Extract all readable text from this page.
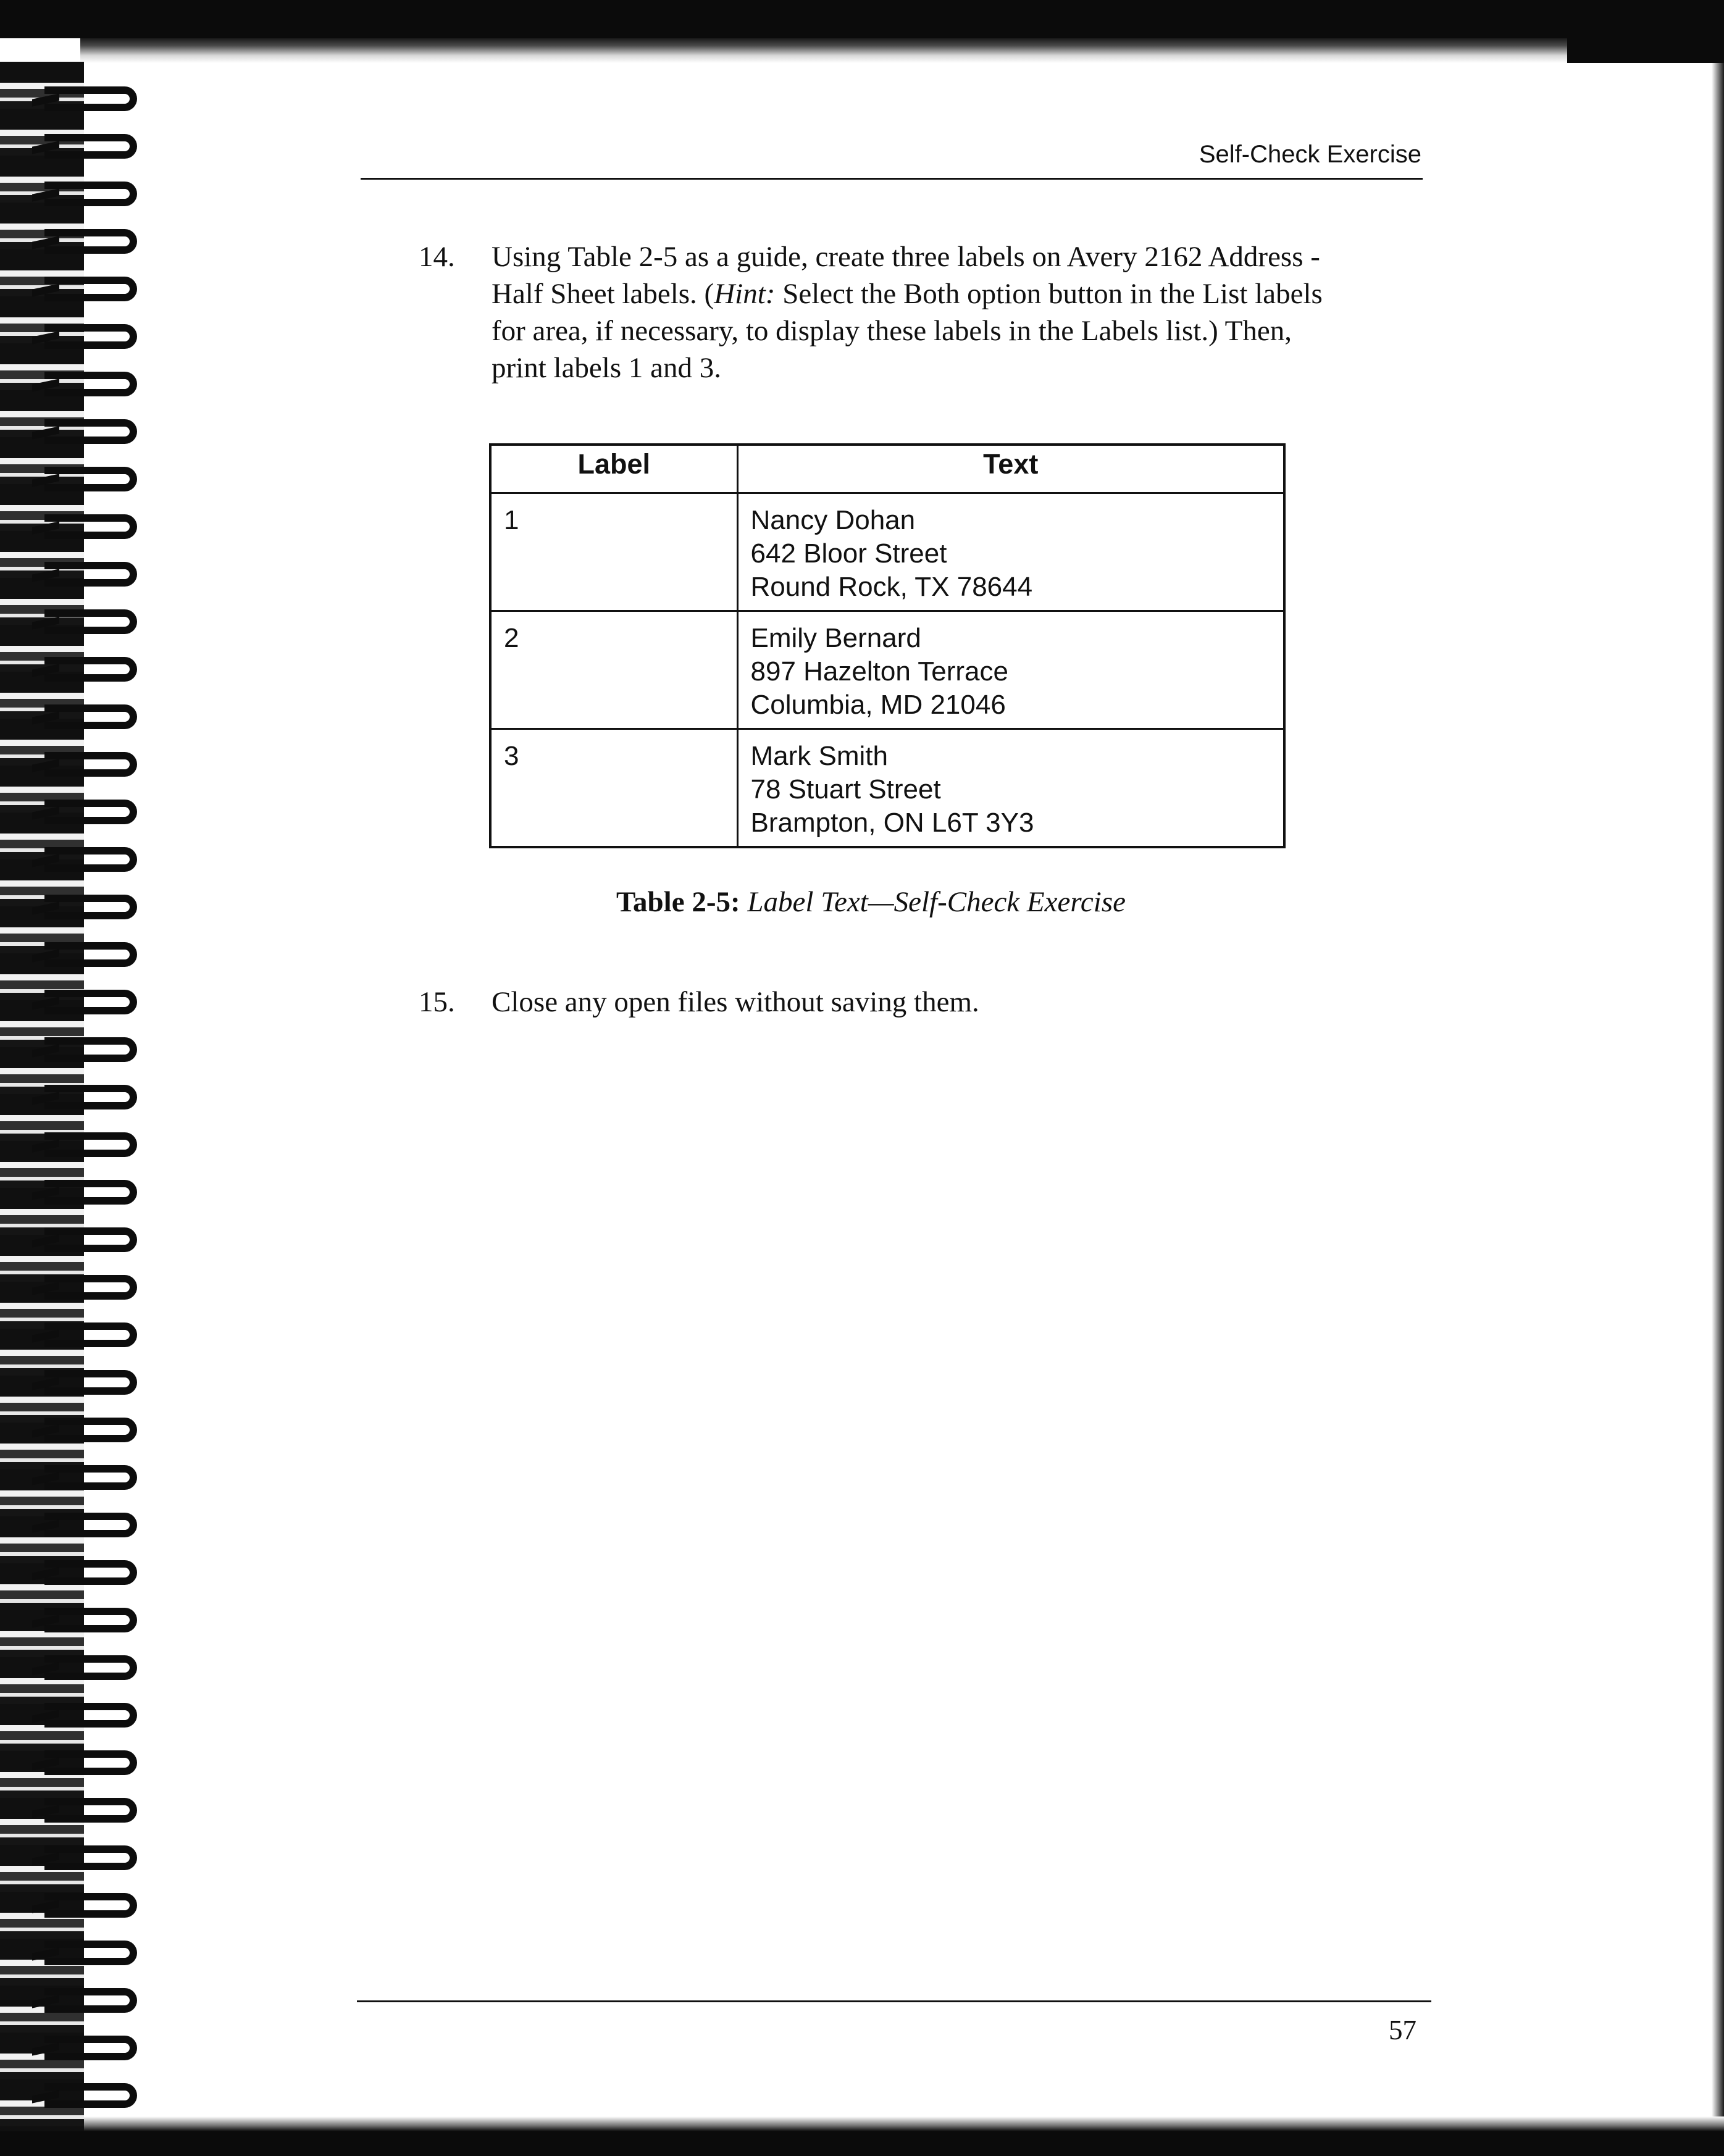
Self-Check Exercise
14. Using Table 2-5 as a guide, create three labels on Avery 2162 Address -
Half Sheet labels. (Hint: Select the Both option button in the List labels
for area, if necessary, to display these labels in the Labels list.) Then,
print labels 1 and 3.
Label	Text
1	Nancy Dohan
642 Bloor Street
Round Rock, TX 78644

2	Emily Bernard
897 Hazelton Terrace
Columbia, MD 21046

3	Mark Smith
78 Stuart Street
Brampton, ON L6T 3Y3
Table 2-5: Label Text—Self-Check Exercise
15. Close any open files without saving them.
57
